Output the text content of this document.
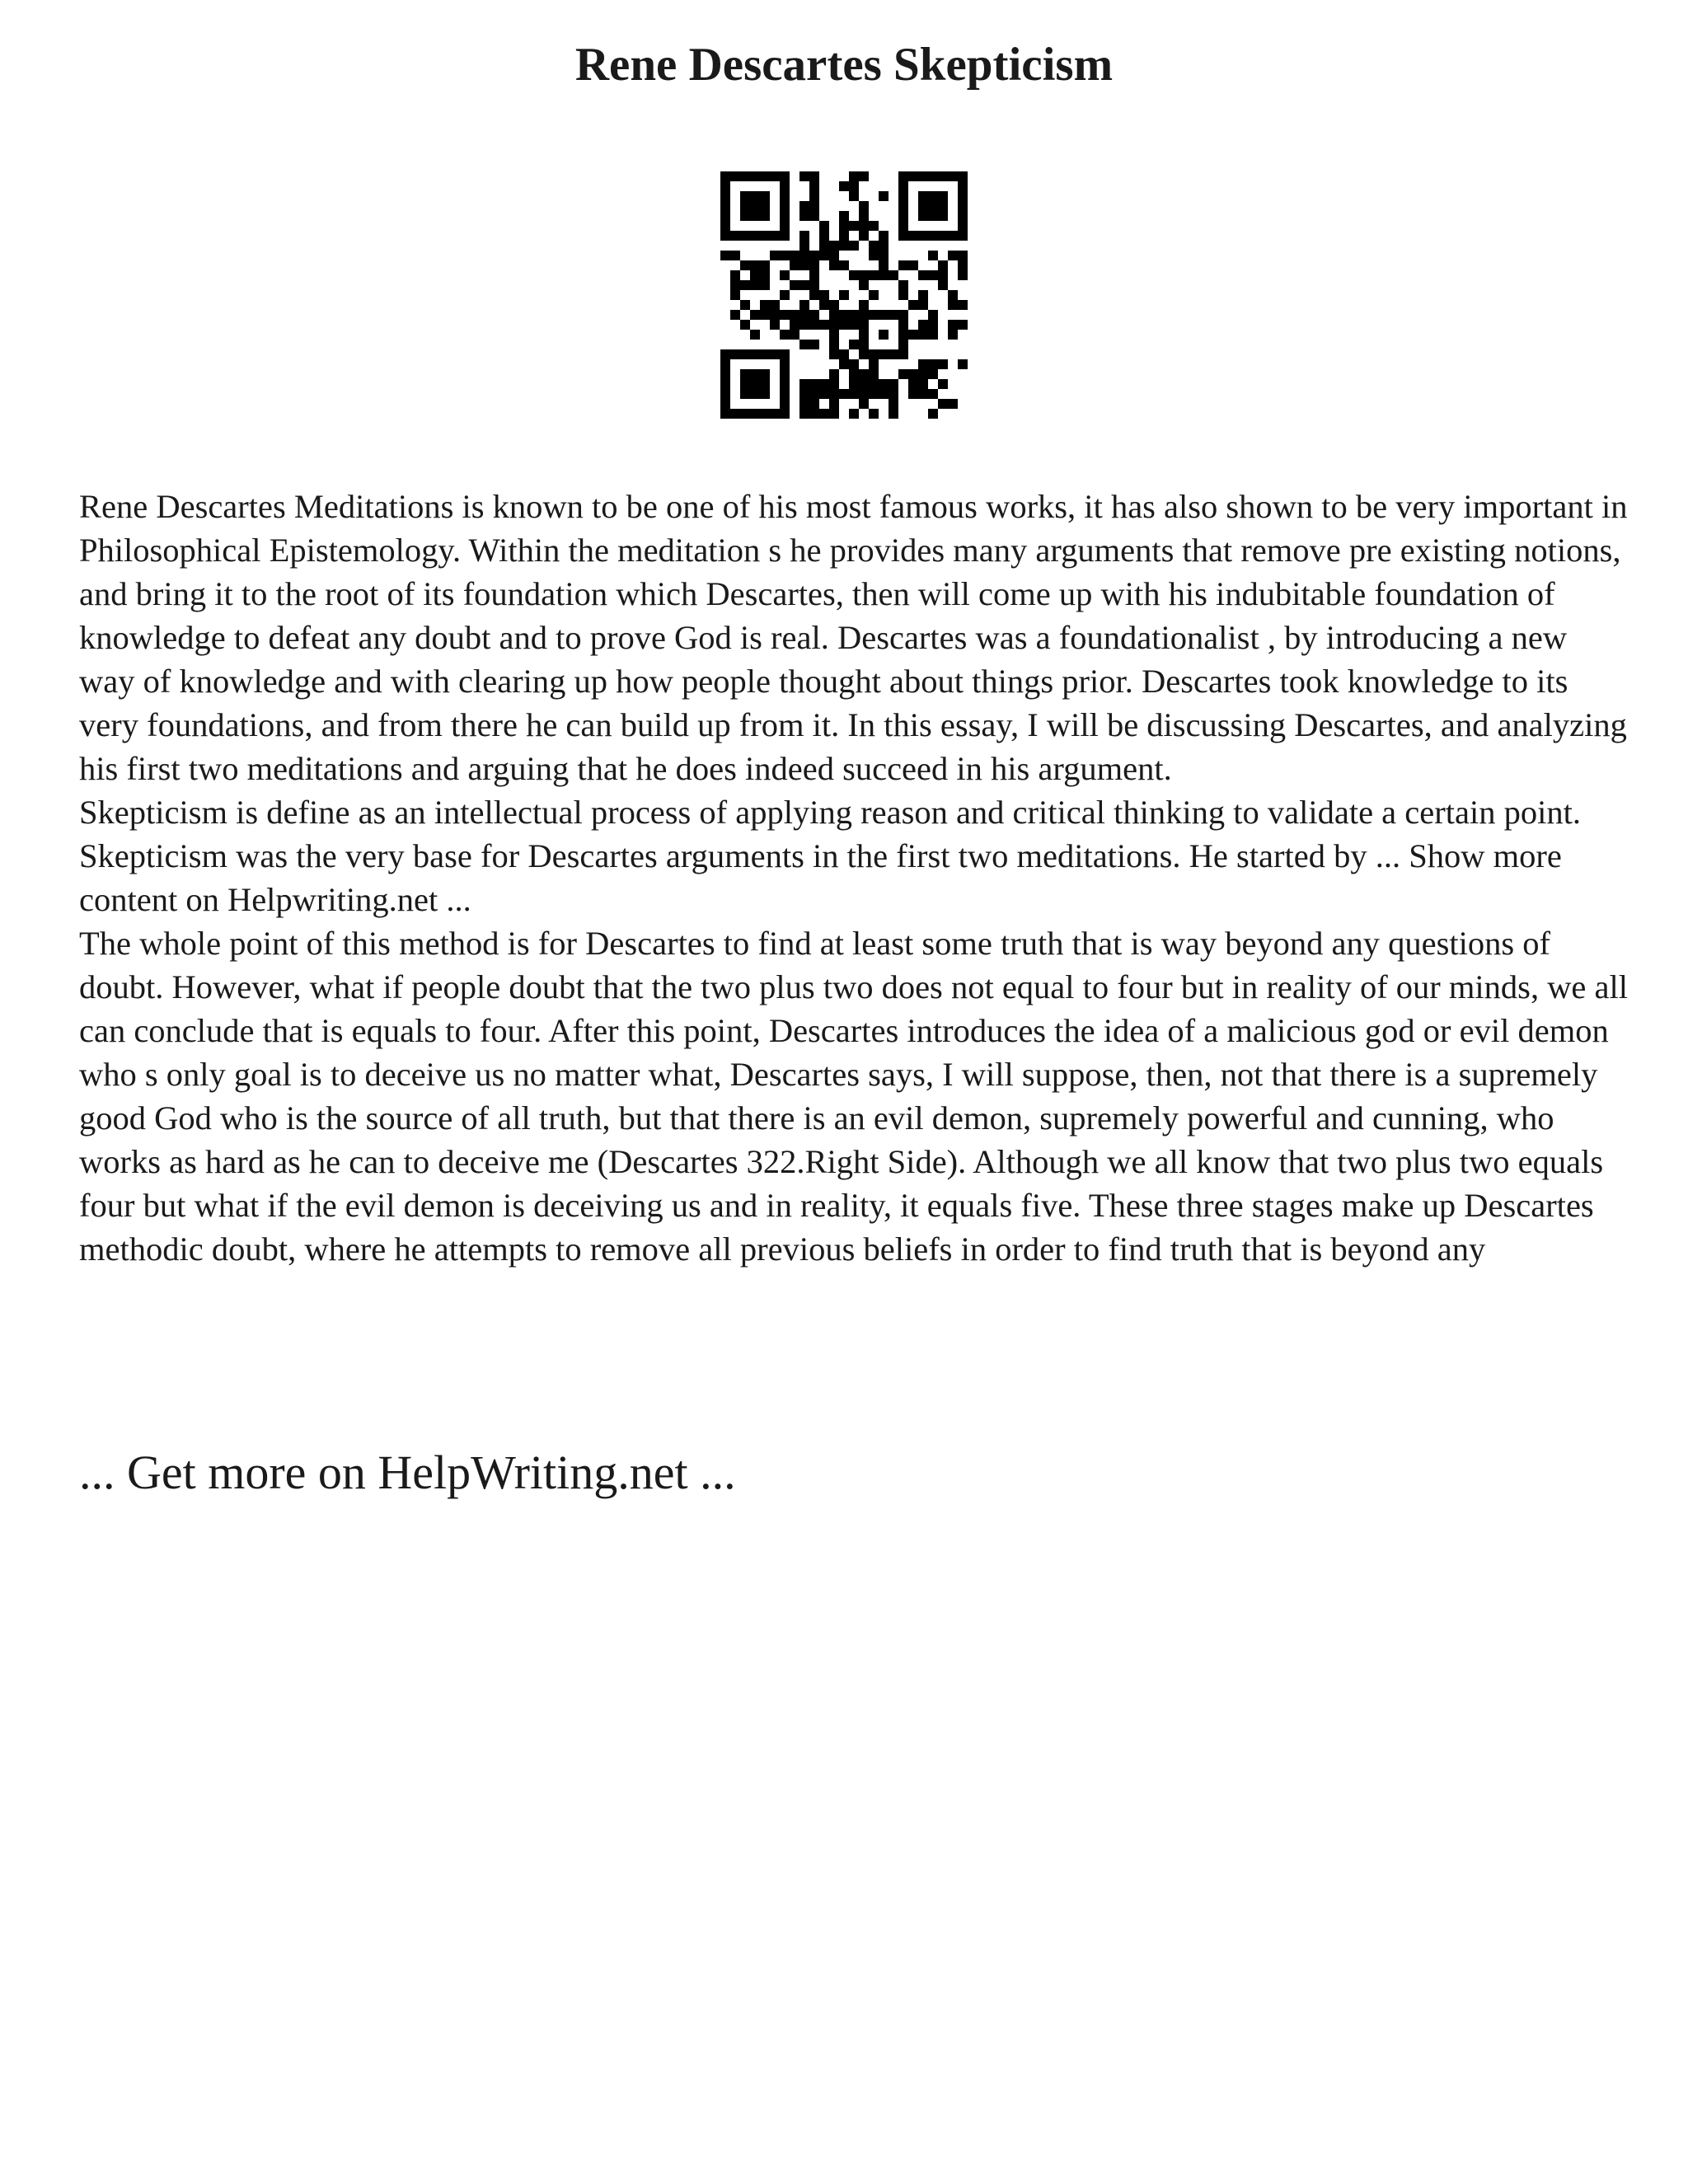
Rene Descartes Skepticism

Rene Descartes Meditations is known to be one of his most famous works, it has also shown to be very important in Philosophical Epistemology. Within the meditation s he provides many arguments that remove pre existing notions, and bring it to the root of its foundation which Descartes, then will come up with his indubitable foundation of knowledge to defeat any doubt and to prove God is real. Descartes was a foundationalist , by introducing a new way of knowledge and with clearing up how people thought about things prior. Descartes took knowledge to its very foundations, and from there he can build up from it. In this essay, I will be discussing Descartes, and analyzing his first two meditations and arguing that he does indeed succeed in his argument.

Skepticism is define as an intellectual process of applying reason and critical thinking to validate a certain point. Skepticism was the very base for Descartes arguments in the first two meditations. He started by ... Show more content on Helpwriting.net ...

The whole point of this method is for Descartes to find at least some truth that is way beyond any questions of doubt. However, what if people doubt that the two plus two does not equal to four but in reality of our minds, we all can conclude that is equals to four. After this point, Descartes introduces the idea of a malicious god or evil demon who s only goal is to deceive us no matter what, Descartes says, I will suppose, then, not that there is a supremely good God who is the source of all truth, but that there is an evil demon, supremely powerful and cunning, who works as hard as he can to deceive me (Descartes 322.Right Side). Although we all know that two plus two equals four but what if the evil demon is deceiving us and in reality, it equals five. These three stages make up Descartes methodic doubt, where he attempts to remove all previous beliefs in order to find truth that is beyond any

... Get more on HelpWriting.net ...
